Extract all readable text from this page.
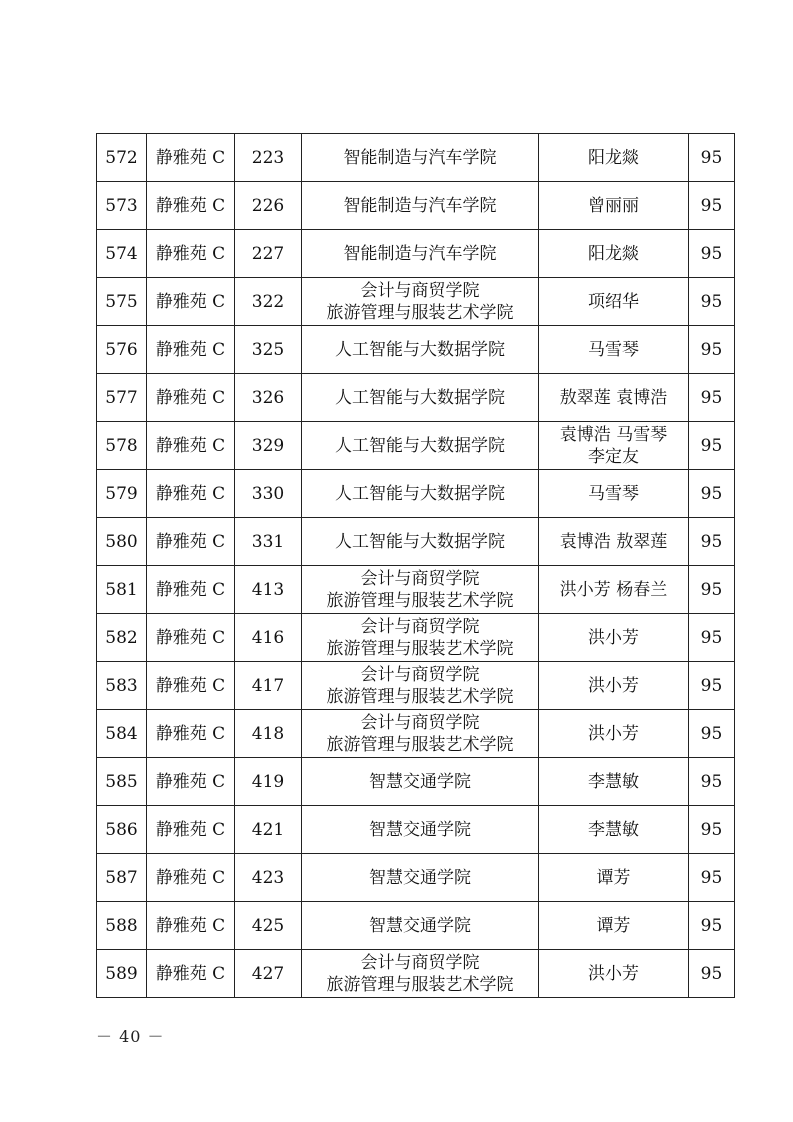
572	静雅苑 C	223	智能制造与汽车学院	阳龙燚	95
573	静雅苑 C	226	智能制造与汽车学院	曾丽丽	95
574	静雅苑 C	227	智能制造与汽车学院	阳龙燚	95
575	静雅苑 C	322	会计与商贸学院
旅游管理与服装艺术学院	项绍华	95
576	静雅苑 C	325	人工智能与大数据学院	马雪琴	95
577	静雅苑 C	326	人工智能与大数据学院	敖翠莲 袁博浩	95
578	静雅苑 C	329	人工智能与大数据学院	袁博浩 马雪琴
李定友	95
579	静雅苑 C	330	人工智能与大数据学院	马雪琴	95
580	静雅苑 C	331	人工智能与大数据学院	袁博浩 敖翠莲	95
581	静雅苑 C	413	会计与商贸学院
旅游管理与服装艺术学院	洪小芳 杨春兰	95
582	静雅苑 C	416	会计与商贸学院
旅游管理与服装艺术学院	洪小芳	95
583	静雅苑 C	417	会计与商贸学院
旅游管理与服装艺术学院	洪小芳	95
584	静雅苑 C	418	会计与商贸学院
旅游管理与服装艺术学院	洪小芳	95
585	静雅苑 C	419	智慧交通学院	李慧敏	95
586	静雅苑 C	421	智慧交通学院	李慧敏	95
587	静雅苑 C	423	智慧交通学院	谭芳	95
588	静雅苑 C	425	智慧交通学院	谭芳	95
589	静雅苑 C	427	会计与商贸学院
旅游管理与服装艺术学院	洪小芳	95
－ 40 －
